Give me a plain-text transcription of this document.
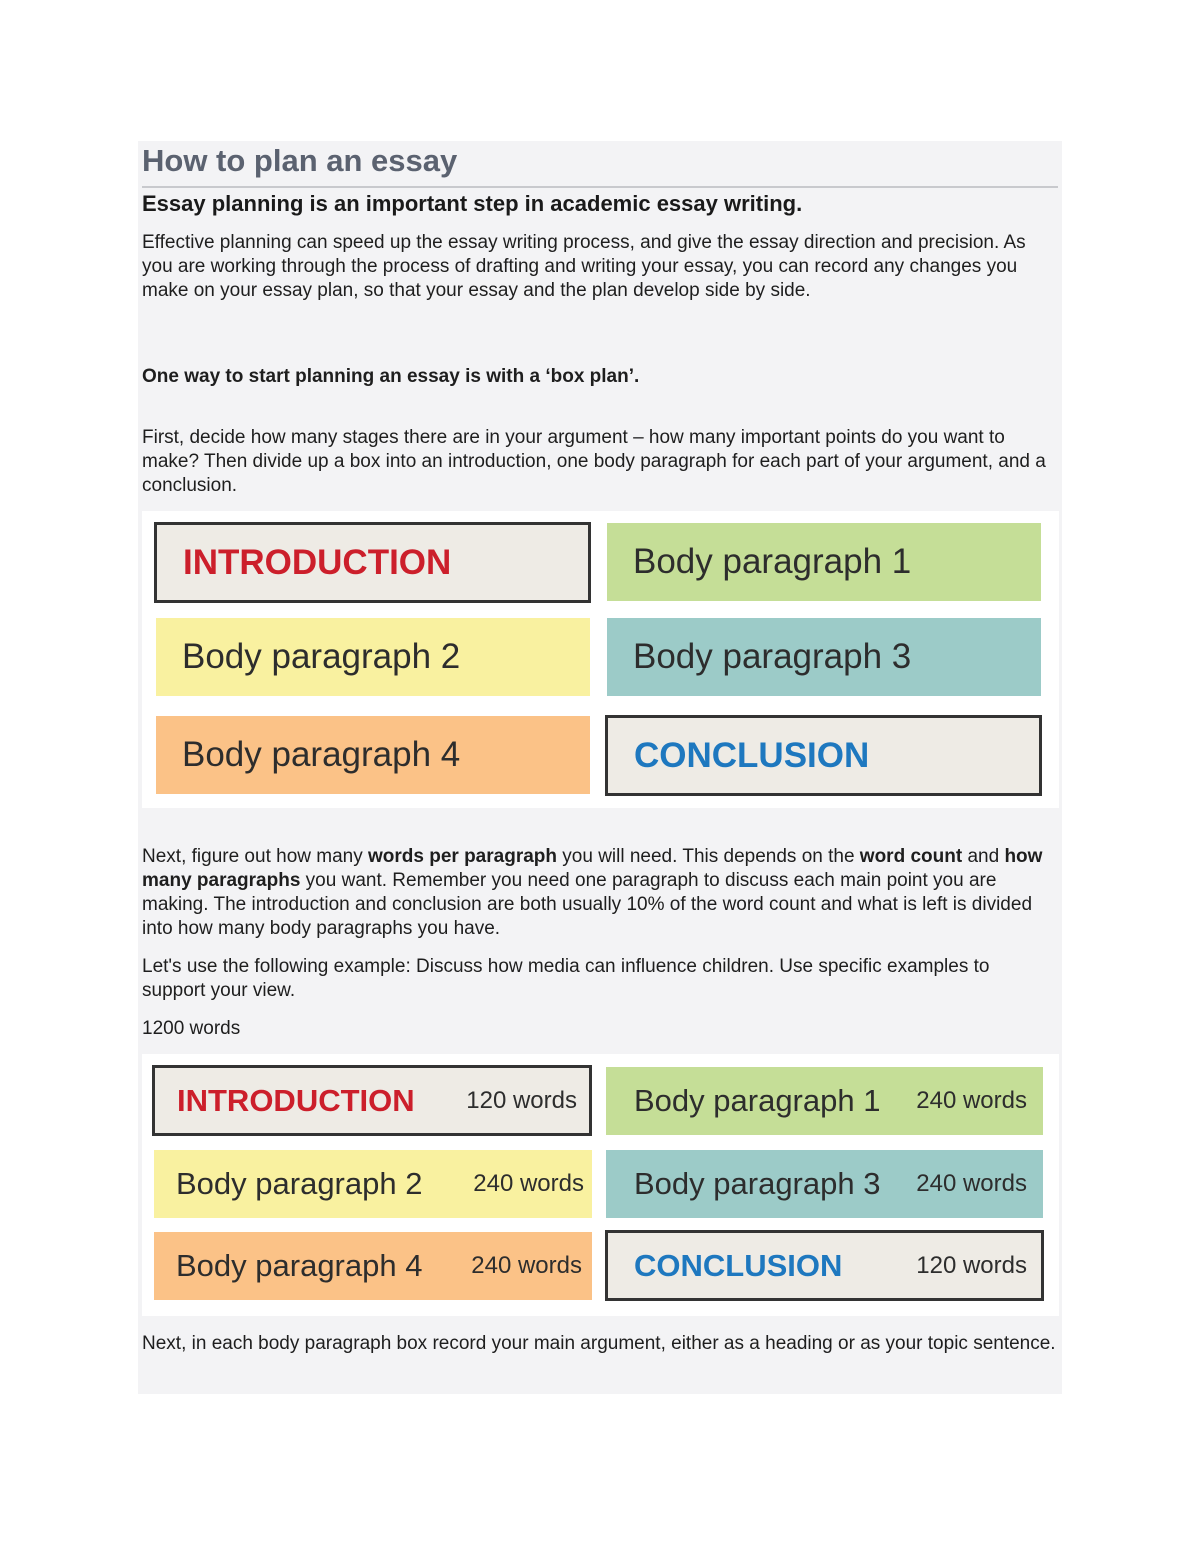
How to plan an essay
Essay planning is an important step in academic essay writing.
Effective planning can speed up the essay writing process, and give the essay direction and precision. As you are working through the process of drafting and writing your essay, you can record any changes you make on your essay plan, so that your essay and the plan develop side by side.
One way to start planning an essay is with a ‘box plan’.
First, decide how many stages there are in your argument – how many important points do you want to make? Then divide up a box into an introduction, one body paragraph for each part of your argument, and a conclusion.
INTRODUCTION	Body paragraph 1
Body paragraph 2	Body paragraph 3
Body paragraph 4	CONCLUSION
Next, figure out how many words per paragraph you will need. This depends on the word count and how many paragraphs you want. Remember you need one paragraph to discuss each main point you are making. The introduction and conclusion are both usually 10% of the word count and what is left is divided into how many body paragraphs you have.
Let's use the following example: Discuss how media can influence children. Use specific examples to support your view.
1200 words
INTRODUCTION 120 words Body paragraph 1 240 words
Body paragraph 2 240 words Body paragraph 3 240 words
Body paragraph 4 240 words CONCLUSION	120 words
Next, in each body paragraph box record your main argument, either as a heading or as your topic sentence.
